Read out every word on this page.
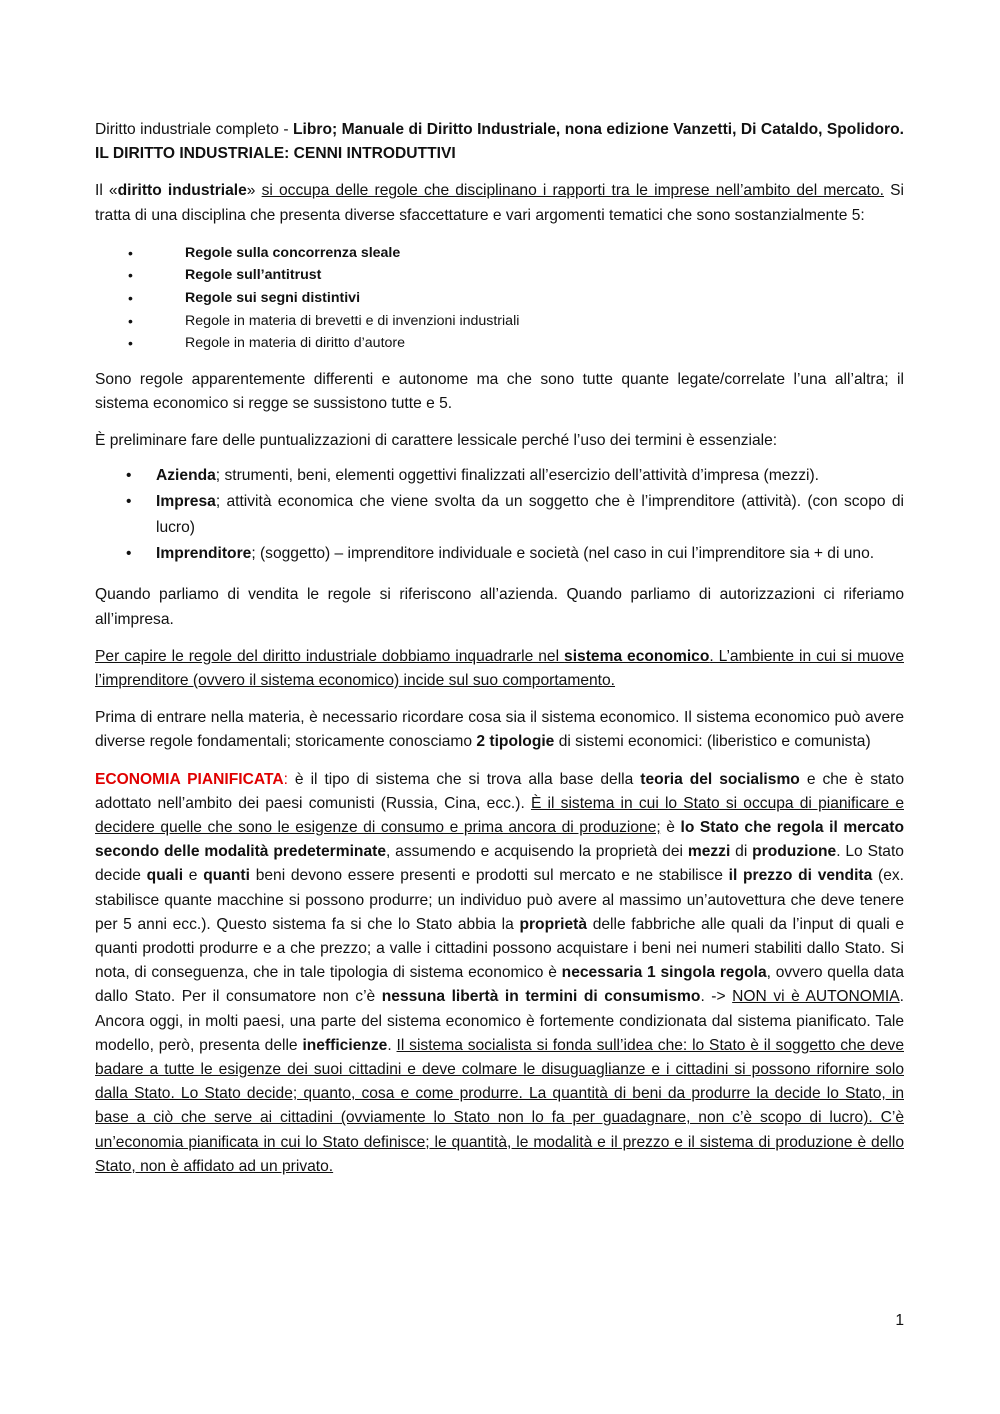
Diritto industriale completo - Libro; Manuale di Diritto Industriale, nona edizione Vanzetti, Di Cataldo, Spolidoro. IL DIRITTO INDUSTRIALE: CENNI INTRODUTTIVI

Il «diritto industriale» si occupa delle regole che disciplinano i rapporti tra le imprese nell’ambito del mercato. Si tratta di una disciplina che presenta diverse sfaccettature e vari argomenti tematici che sono sostanzialmente 5:

•	Regole sulla concorrenza sleale
•	Regole sull’antitrust
•	Regole sui segni distintivi
•	Regole in materia di brevetti e di invenzioni industriali
•	Regole in materia di diritto d’autore

Sono regole apparentemente differenti e autonome ma che sono tutte quante legate/correlate l’una all’altra; il sistema economico si regge se sussistono tutte e 5.

È preliminare fare delle puntualizzazioni di carattere lessicale perché l’uso dei termini è essenziale:

• Azienda; strumenti, beni, elementi oggettivi finalizzati all’esercizio dell’attività d’impresa (mezzi).
• Impresa; attività economica che viene svolta da un soggetto che è l’imprenditore (attività). (con scopo di lucro)
• Imprenditore; (soggetto) – imprenditore individuale e società (nel caso in cui l’imprenditore sia + di uno.

Quando parliamo di vendita le regole si riferiscono all’azienda. Quando parliamo di autorizzazioni ci riferiamo all’impresa.

Per capire le regole del diritto industriale dobbiamo inquadrarle nel sistema economico. L’ambiente in cui si muove l’imprenditore (ovvero il sistema economico) incide sul suo comportamento.

Prima di entrare nella materia, è necessario ricordare cosa sia il sistema economico. Il sistema economico può avere diverse regole fondamentali; storicamente conosciamo 2 tipologie di sistemi economici: (liberistico e comunista)

ECONOMIA PIANIFICATA: è il tipo di sistema che si trova alla base della teoria del socialismo e che è stato adottato nell’ambito dei paesi comunisti (Russia, Cina, ecc.). È il sistema in cui lo Stato si occupa di pianificare e decidere quelle che sono le esigenze di consumo e prima ancora di produzione; è lo Stato che regola il mercato secondo delle modalità predeterminate, assumendo e acquisendo la proprietà dei mezzi di produzione. Lo Stato decide quali e quanti beni devono essere presenti e prodotti sul mercato e ne stabilisce il prezzo di vendita (ex. stabilisce quante macchine si possono produrre; un individuo può avere al massimo un’autovettura che deve tenere per 5 anni ecc.). Questo sistema fa si che lo Stato abbia la proprietà delle fabbriche alle quali da l’input di quali e quanti prodotti produrre e a che prezzo; a valle i cittadini possono acquistare i beni nei numeri stabiliti dallo Stato. Si nota, di conseguenza, che in tale tipologia di sistema economico è necessaria 1 singola regola, ovvero quella data dallo Stato. Per il consumatore non c’è nessuna libertà in termini di consumismo. -> NON vi è AUTONOMIA. Ancora oggi, in molti paesi, una parte del sistema economico è fortemente condizionata dal sistema pianificato. Tale modello, però, presenta delle inefficienze. Il sistema socialista si fonda sull’idea che: lo Stato è il soggetto che deve badare a tutte le esigenze dei suoi cittadini e deve colmare le disuguaglianze e i cittadini si possono rifornire solo dalla Stato. Lo Stato decide; quanto, cosa e come produrre. La quantità di beni da produrre la decide lo Stato, in base a ciò che serve ai cittadini (ovviamente lo Stato non lo fa per guadagnare, non c’è scopo di lucro). C’è un’economia pianificata in cui lo Stato definisce; le quantità, le modalità e il prezzo e il sistema di produzione è dello Stato, non è affidato ad un privato.

1
